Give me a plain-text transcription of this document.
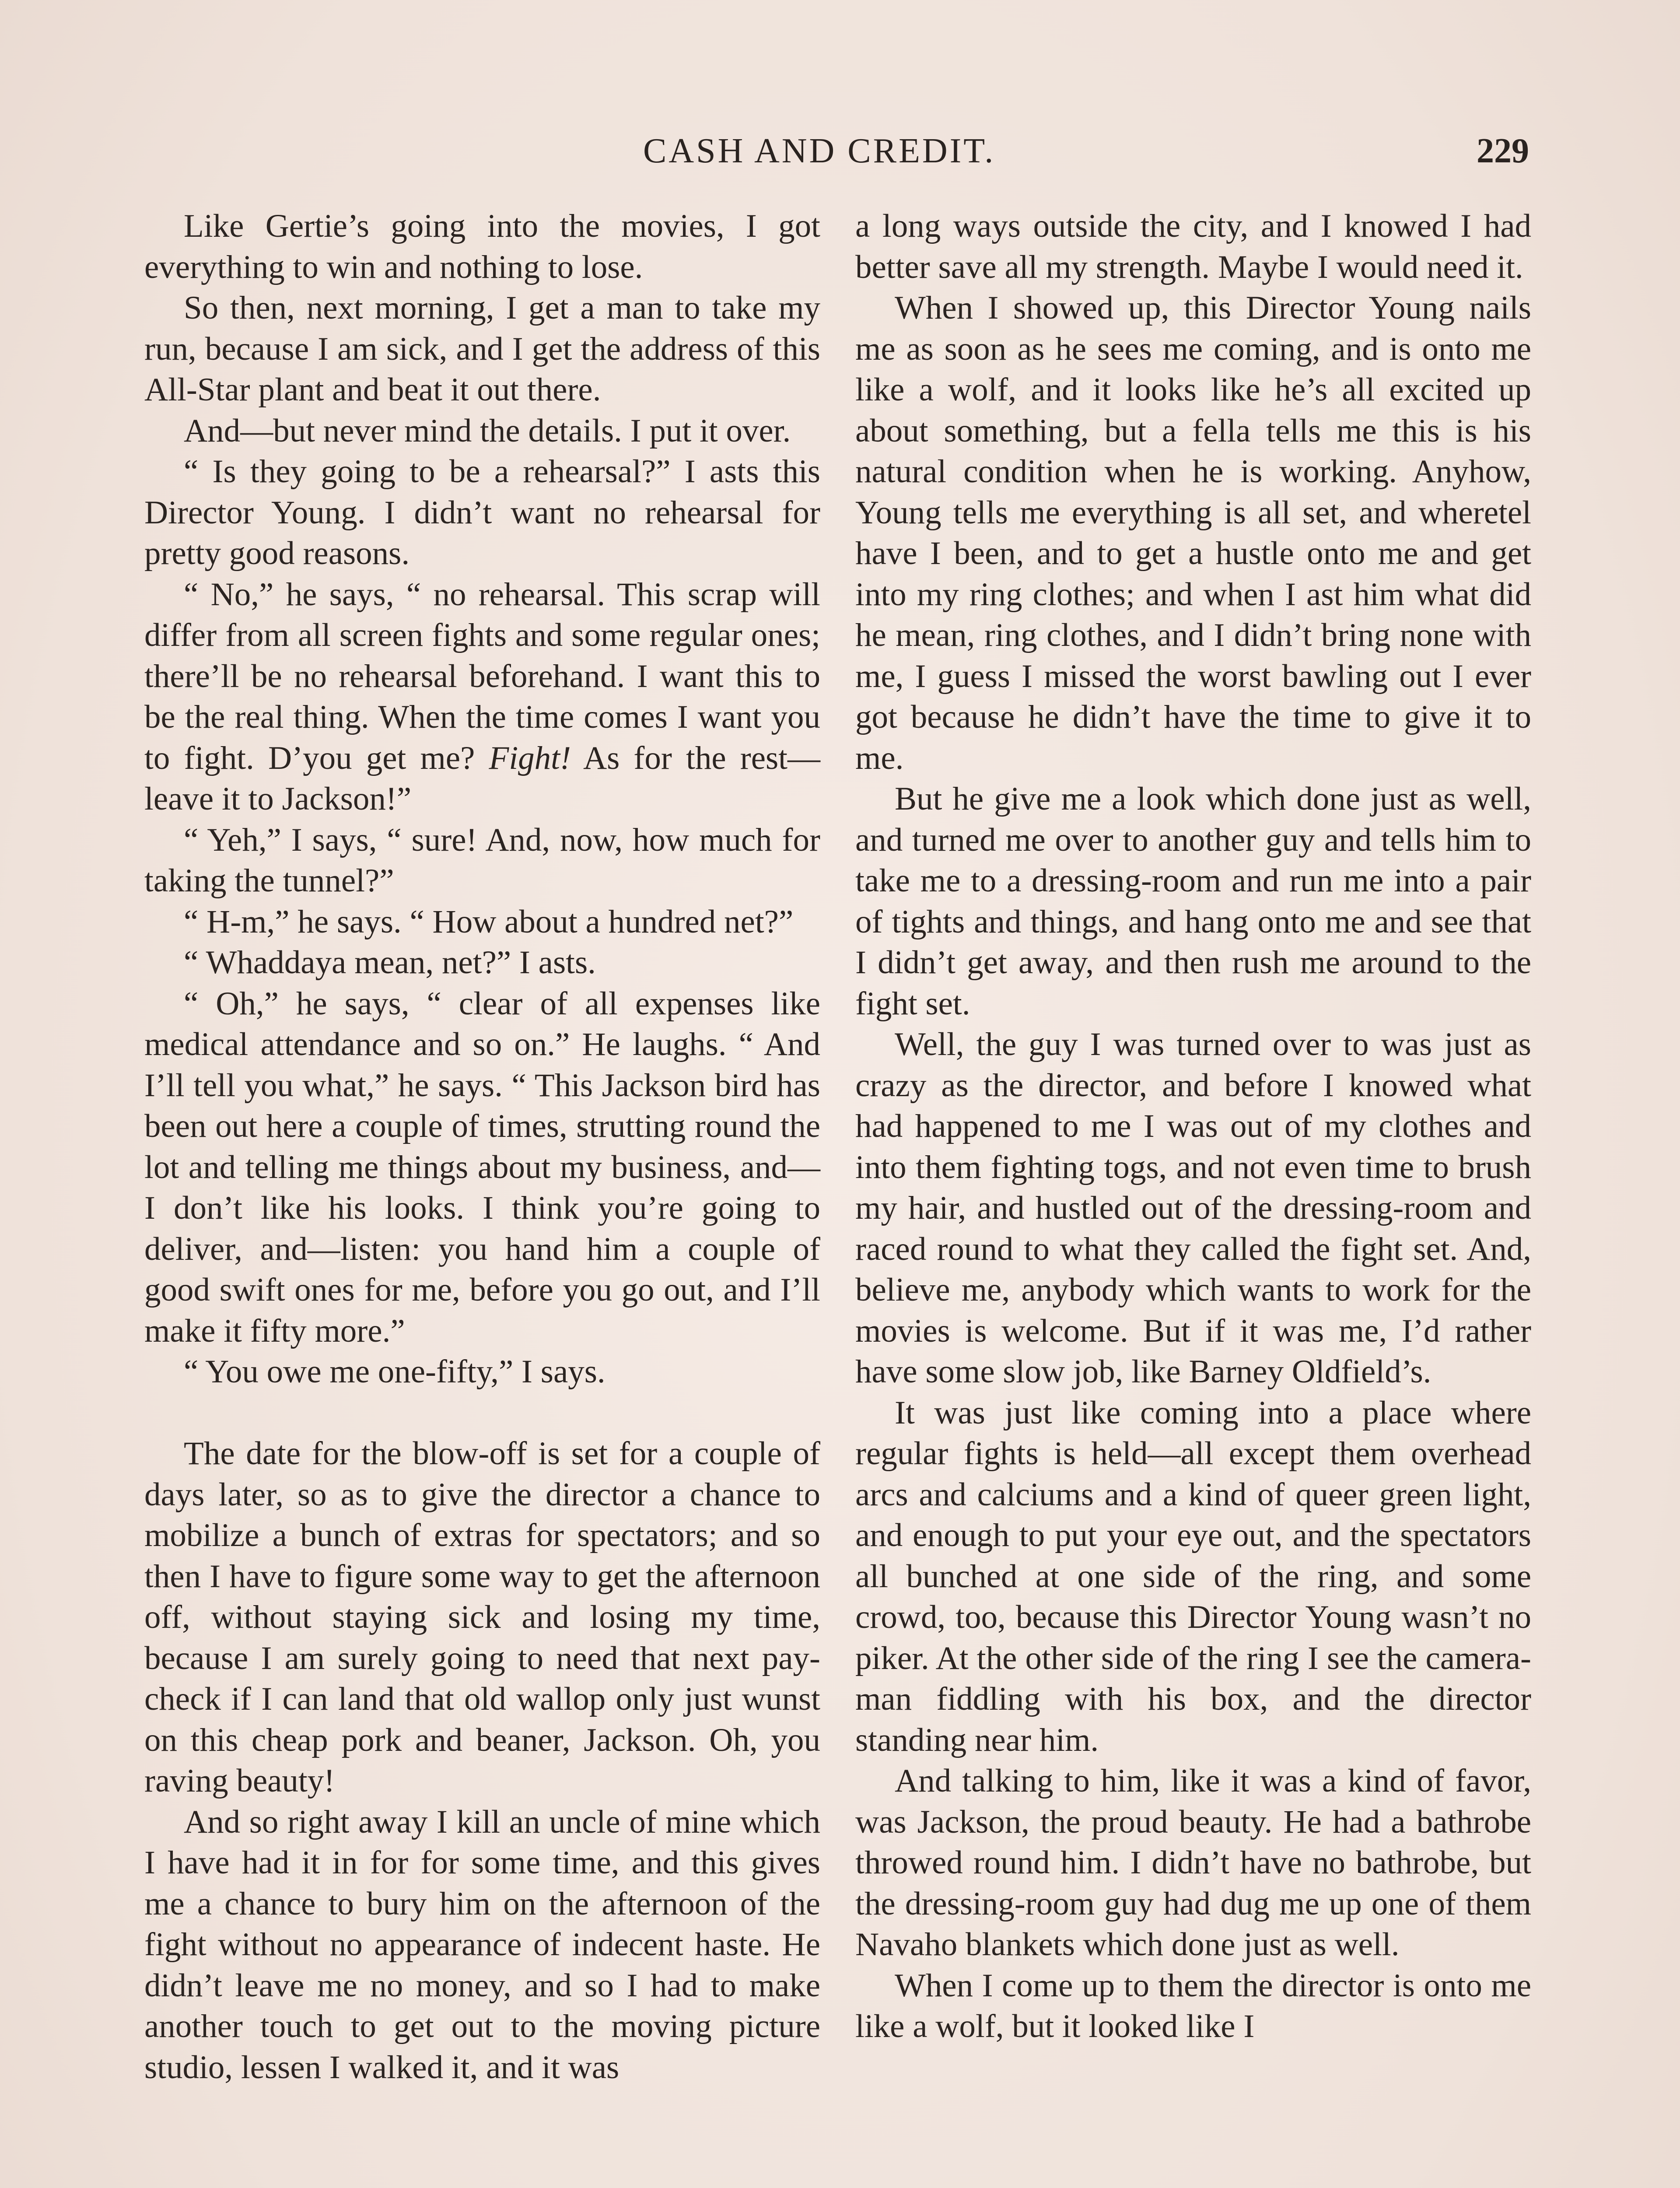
CASH AND CREDIT.	229

Like Gertie’s going into the movies, I got everything to win and nothing to lose.

So then, next morning, I get a man to take my run, because I am sick, and I get the address of this All-Star plant and beat it out there.

And—but never mind the details. I put it over.

“ Is they going to be a rehearsal?” I asts this Director Young. I didn’t want no rehearsal for pretty good reasons.

“ No,” he says, “ no rehearsal. This scrap will differ from all screen fights and some regular ones; there’ll be no rehearsal beforehand. I want this to be the real thing. When the time comes I want you to fight. D’you get me? Fight! As for the rest—leave it to Jackson!”

“ Yeh,” I says, “ sure! And, now, how much for taking the tunnel?”

“ H-m,” he says. “ How about a hundred net?”

“ Whaddaya mean, net?” I asts.

“ Oh,” he says, “ clear of all expenses like medical attendance and so on.” He laughs. “ And I’ll tell you what,” he says. “ This Jackson bird has been out here a couple of times, strutting round the lot and telling me things about my business, and—I don’t like his looks. I think you’re going to deliver, and—listen: you hand him a couple of good swift ones for me, before you go out, and I’ll make it fifty more.”

“ You owe me one-fifty,” I says.

The date for the blow-off is set for a couple of days later, so as to give the director a chance to mobilize a bunch of extras for spectators; and so then I have to figure some way to get the afternoon off, without staying sick and losing my time, because I am surely going to need that next pay-check if I can land that old wallop only just wunst on this cheap pork and beaner, Jackson. Oh, you raving beauty!

And so right away I kill an uncle of mine which I have had it in for for some time, and this gives me a chance to bury him on the afternoon of the fight without no appearance of indecent haste. He didn’t leave me no money, and so I had to make another touch to get out to the moving picture studio, lessen I walked it, and it was

a long ways outside the city, and I knowed I had better save all my strength. Maybe I would need it.

When I showed up, this Director Young nails me as soon as he sees me coming, and is onto me like a wolf, and it looks like he’s all excited up about something, but a fella tells me this is his natural condition when he is working. Anyhow, Young tells me everything is all set, and wheretel have I been, and to get a hustle onto me and get into my ring clothes; and when I ast him what did he mean, ring clothes, and I didn’t bring none with me, I guess I missed the worst bawling out I ever got because he didn’t have the time to give it to me.

But he give me a look which done just as well, and turned me over to another guy and tells him to take me to a dressing-room and run me into a pair of tights and things, and hang onto me and see that I didn’t get away, and then rush me around to the fight set.

Well, the guy I was turned over to was just as crazy as the director, and before I knowed what had happened to me I was out of my clothes and into them fighting togs, and not even time to brush my hair, and hustled out of the dressing-room and raced round to what they called the fight set. And, believe me, anybody which wants to work for the movies is welcome. But if it was me, I’d rather have some slow job, like Barney Oldfield’s.

It was just like coming into a place where regular fights is held—all except them overhead arcs and calciums and a kind of queer green light, and enough to put your eye out, and the spectators all bunched at one side of the ring, and some crowd, too, because this Director Young wasn’t no piker. At the other side of the ring I see the camera-man fiddling with his box, and the director standing near him.

And talking to him, like it was a kind of favor, was Jackson, the proud beauty. He had a bathrobe throwed round him. I didn’t have no bathrobe, but the dressing-room guy had dug me up one of them Navaho blankets which done just as well.

When I come up to them the director is onto me like a wolf, but it looked like I
